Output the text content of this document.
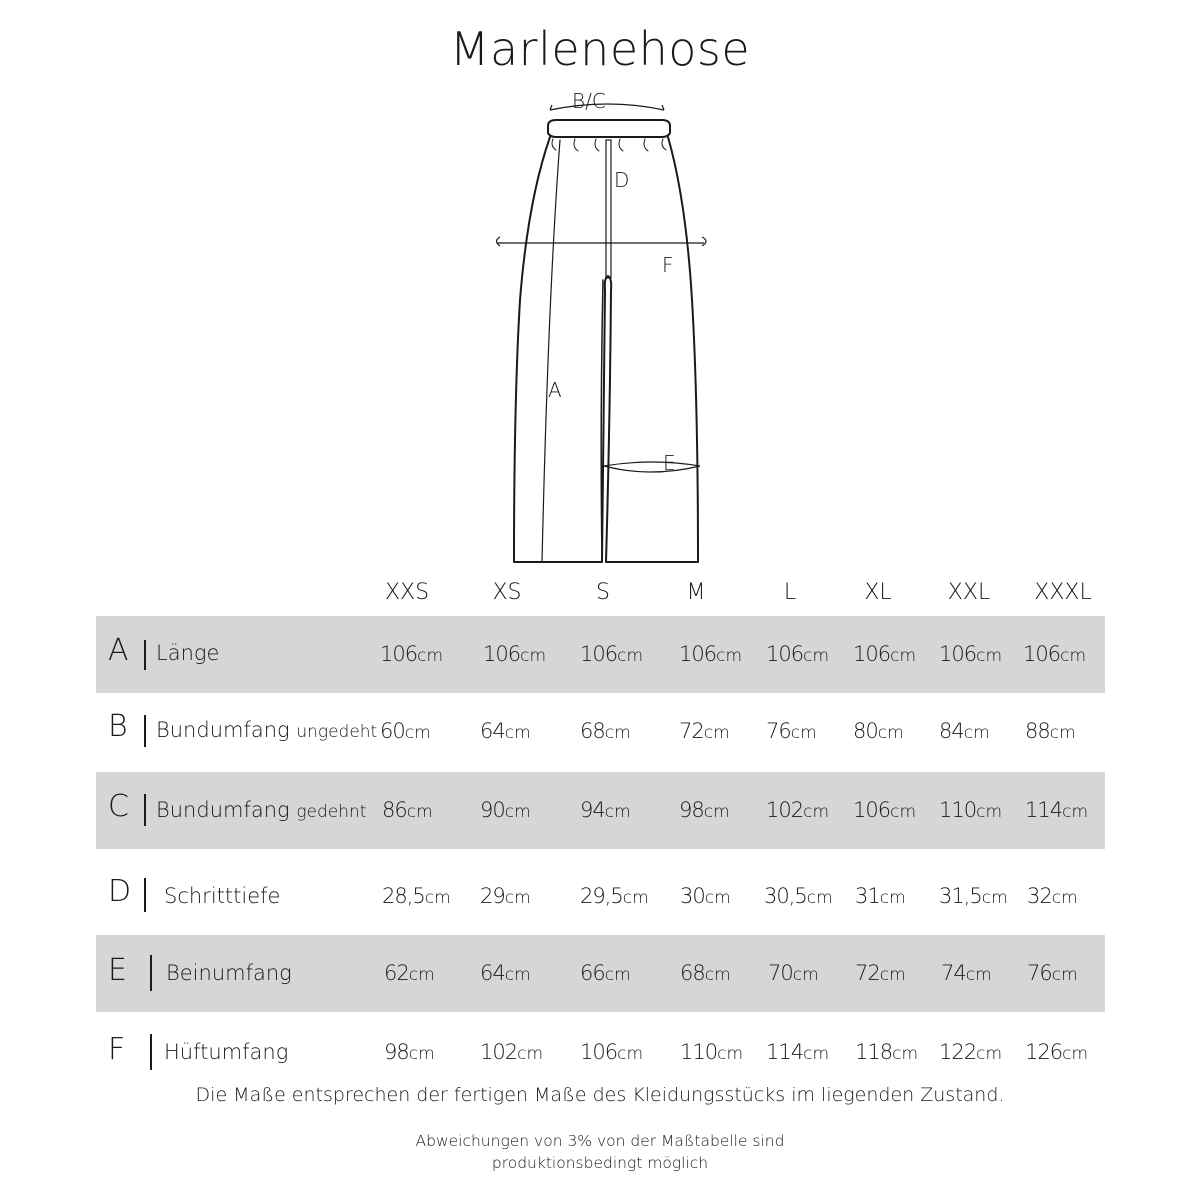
Marlenehose
B/C
D
F
A
E
XXS	XS	S	M	L	XL	XXL	XXXL
A Länge	106cm 106cm 106cm 106cm 106cm 106cm 106cm 106cm
B Bundumfang ungedeht 60cm 64cm 68cm 72cm 76cm 80cm 84cm 88cm
C Bundumfang gedehnt 86cm 90cm 94cm 98cm 102cm 106cm 110cm 114cm
D Schritttiefe	28,5cm 29cm 29,5cm 30cm 30,5cm 31cm 31,5cm 32cm
E Beinumfang	62cm 64cm 66cm 68cm 70cm 72cm 74cm 76cm
F Hüftumfang	98cm 102cm 106cm 110cm 114cm 118cm 122cm 126cm
Die Maße entsprechen der fertigen Maße des Kleidungsstücks im liegenden Zustand.
Abweichungen von 3% von der Maßtabelle sind
produktionsbedingt möglich
